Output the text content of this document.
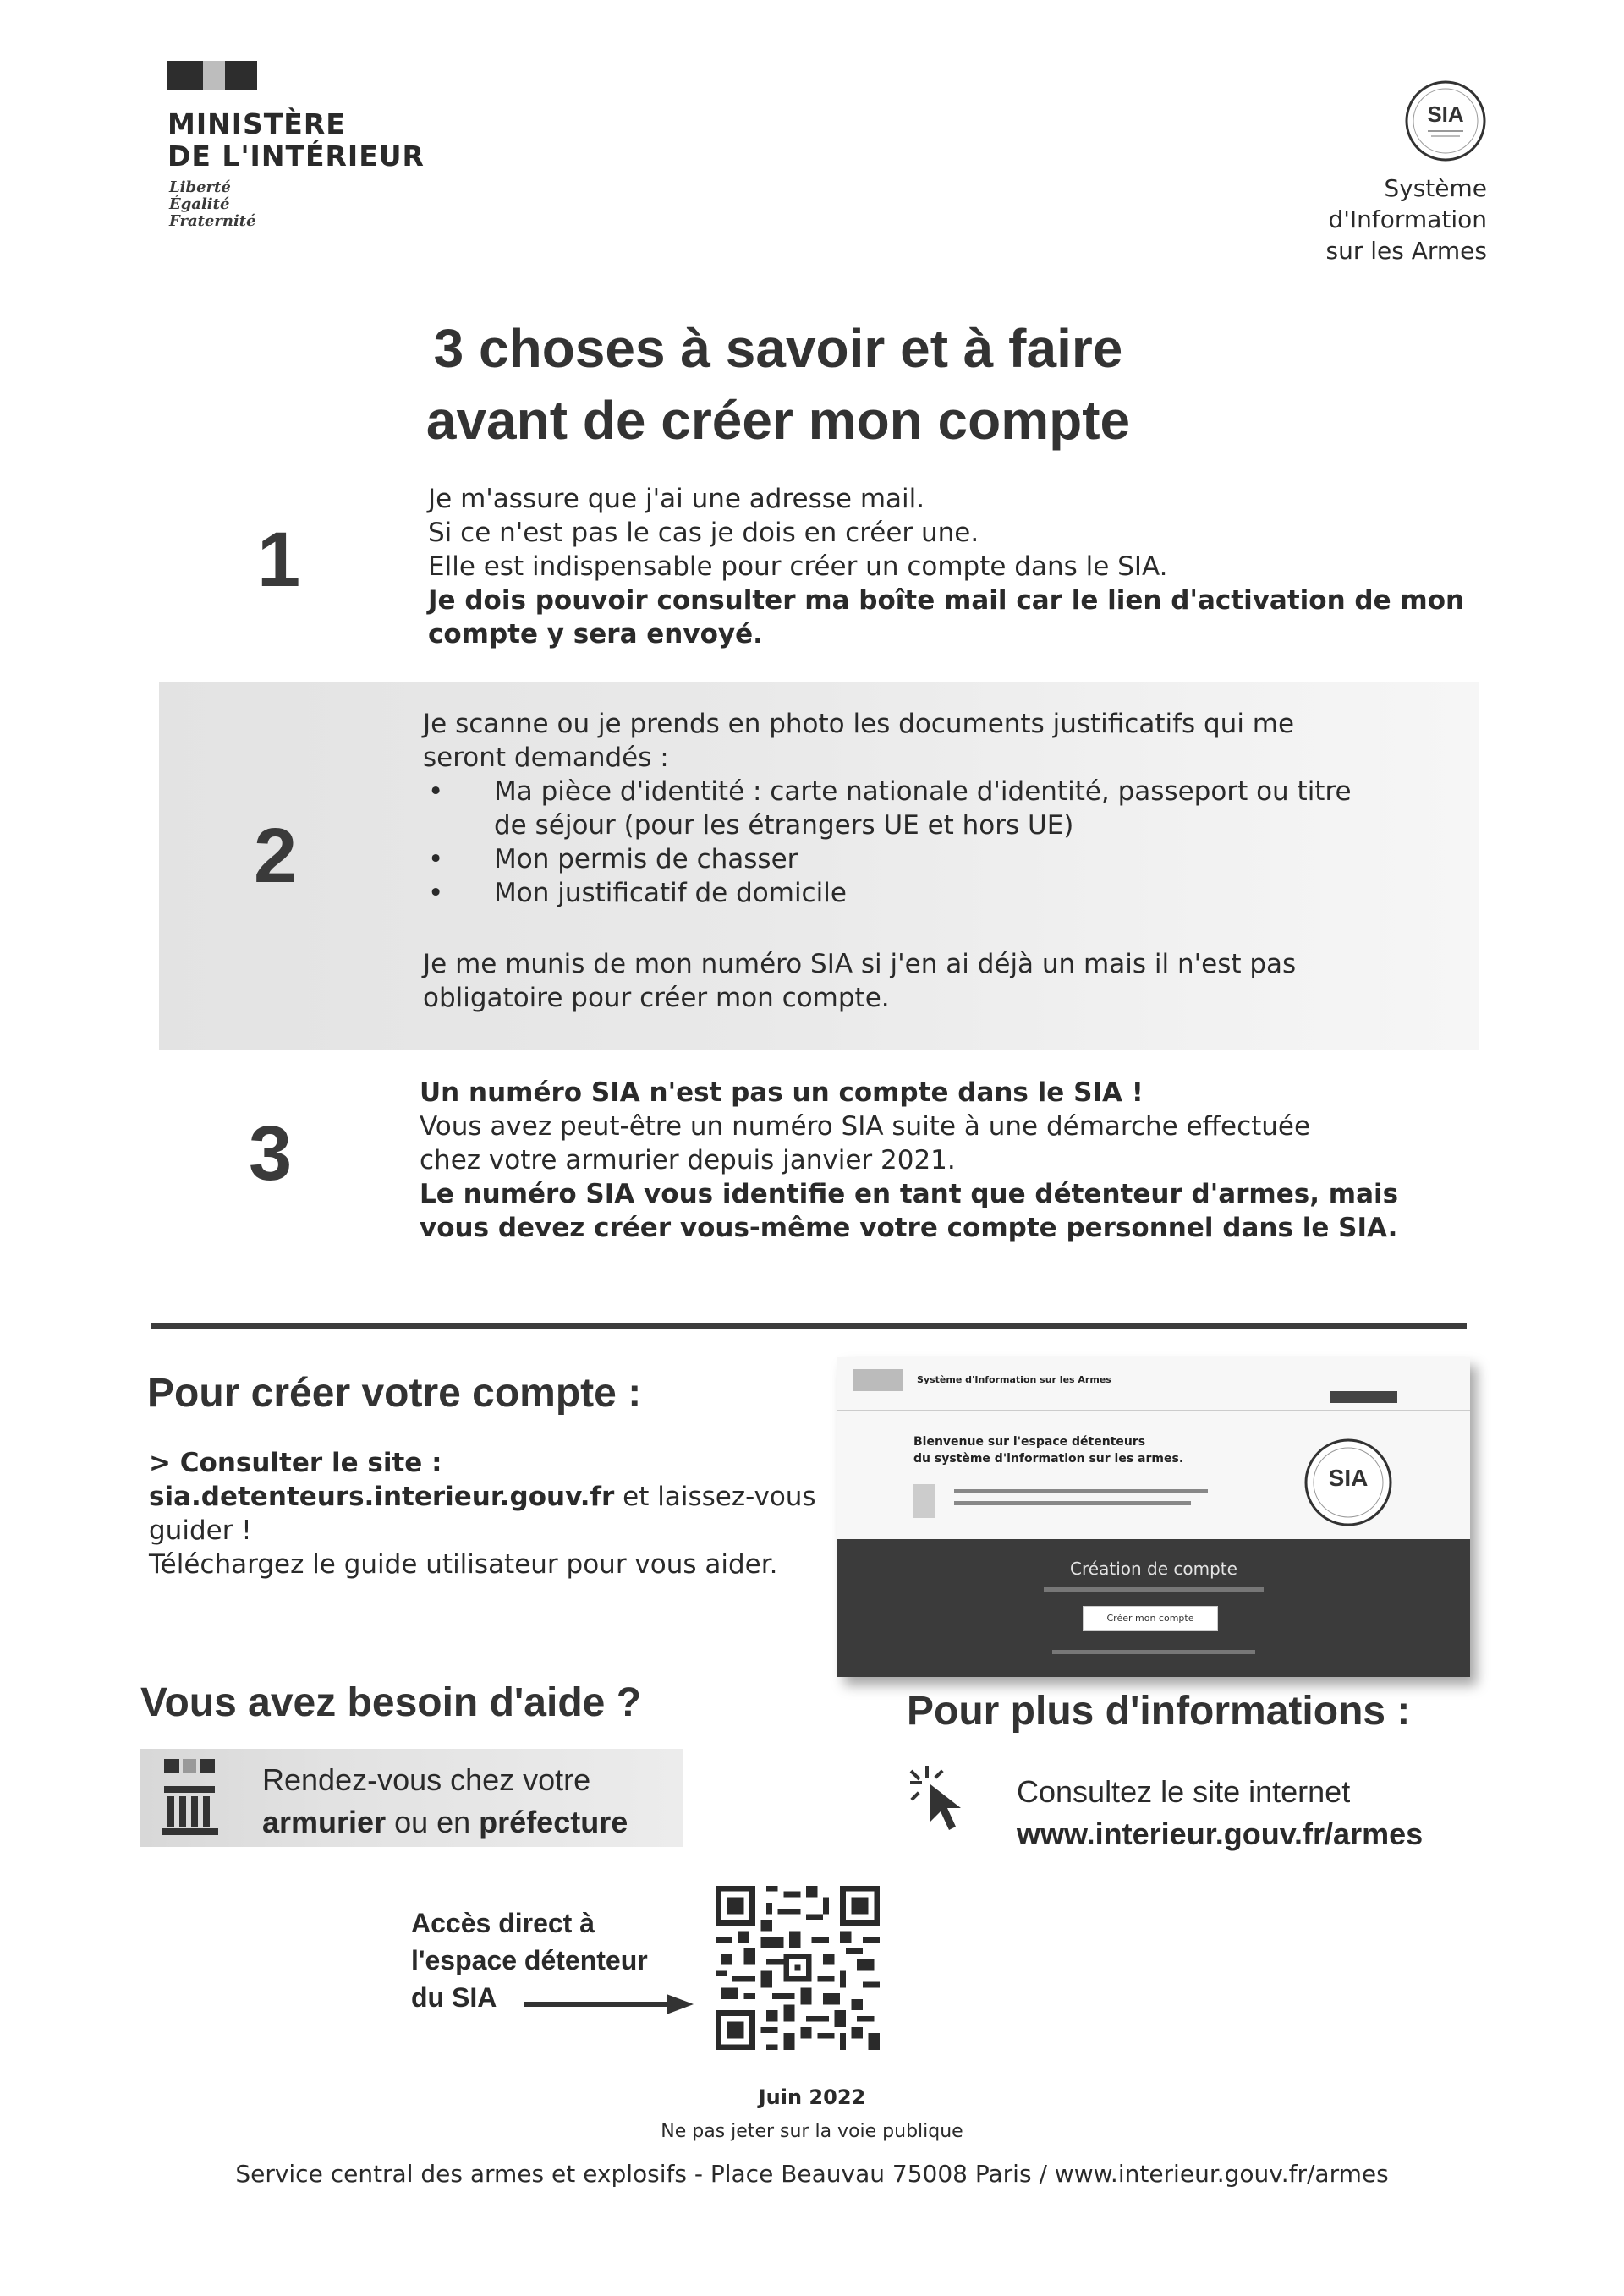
MINISTÈRE
DE L'INTÉRIEUR
Liberté
Égalité
Fraternité
SIA
Système
d'Information
sur les Armes
3 choses à savoir et à faire
avant de créer mon compte
1
Je m'assure que j'ai une adresse mail.
Si ce n'est pas le cas je dois en créer une.
Elle est indispensable pour créer un compte dans le SIA.
Je dois pouvoir consulter ma boîte mail car le lien d'activation de mon
compte y sera envoyé.
2
Je scanne ou je prends en photo les documents justificatifs qui me
seront demandés :
• Ma pièce d'identité : carte nationale d'identité, passeport ou titre
de séjour (pour les étrangers UE et hors UE)
• Mon permis de chasser
• Mon justificatif de domicile
Je me munis de mon numéro SIA si j'en ai déjà un mais il n'est pas
obligatoire pour créer mon compte.
3
Un numéro SIA n'est pas un compte dans le SIA !
Vous avez peut-être un numéro SIA suite à une démarche effectuée
chez votre armurier depuis janvier 2021.
Le numéro SIA vous identifie en tant que détenteur d'armes, mais
vous devez créer vous-même votre compte personnel dans le SIA.
Pour créer votre compte :
> Consulter le site :
sia.detenteurs.interieur.gouv.fr et laissez-vous
guider !
Téléchargez le guide utilisateur pour vous aider.
Système d'Information sur les Armes
Bienvenue sur l'espace détenteurs
du système d'information sur les armes.
SIA
Création de compte
Créer mon compte
Vous avez besoin d'aide ?
Rendez-vous chez votre
armurier ou en préfecture
Pour plus d'informations :
Consultez le site internet
www.interieur.gouv.fr/armes
Accès direct à
l'espace détenteur
du SIA
Juin 2022
Ne pas jeter sur la voie publique
Service central des armes et explosifs - Place Beauvau 75008 Paris / www.interieur.gouv.fr/armes
